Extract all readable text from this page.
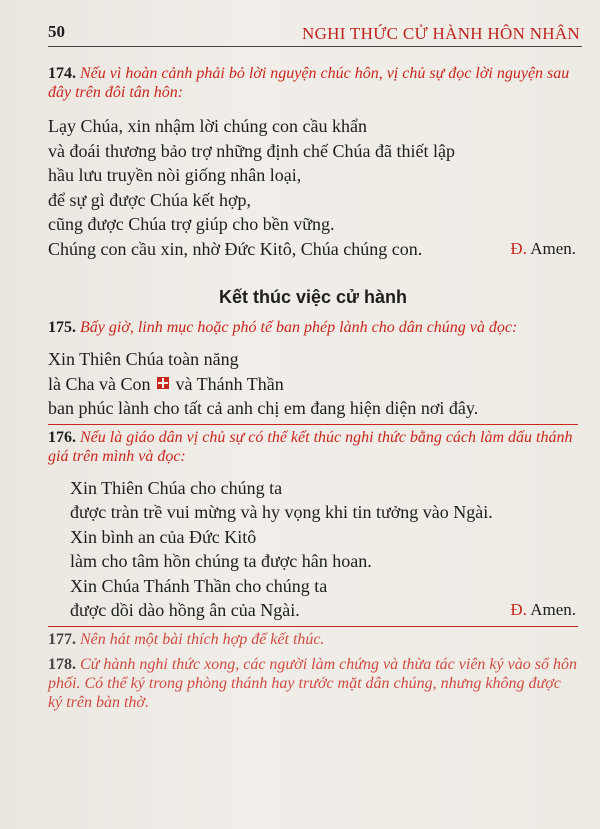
50	NGHI THỨC CỬ HÀNH HÔN NHÂN
174. Nếu vì hoàn cảnh phải bỏ lời nguyện chúc hôn, vị chủ sự đọc lời nguyện sau đây trên đôi tân hôn:
Lạy Chúa, xin nhậm lời chúng con cầu khẩn
và đoái thương bảo trợ những định chế Chúa đã thiết lập
hầu lưu truyền nòi giống nhân loại,
để sự gì được Chúa kết hợp,
cũng được Chúa trợ giúp cho bền vững.
Chúng con cầu xin, nhờ Đức Kitô, Chúa chúng con.	Đ. Amen.
Kết thúc việc cử hành
175. Bấy giờ, linh mục hoặc phó tế ban phép lành cho dân chúng và đọc:
Xin Thiên Chúa toàn năng
là Cha và Con và Thánh Thần
ban phúc lành cho tất cả anh chị em đang hiện diện nơi đây.
176. Nếu là giáo dân vị chủ sự có thể kết thúc nghi thức bằng cách làm dấu thánh giá trên mình và đọc:
Xin Thiên Chúa cho chúng ta
được tràn trề vui mừng và hy vọng khi tin tưởng vào Ngài.
Xin bình an của Đức Kitô
làm cho tâm hồn chúng ta được hân hoan.
Xin Chúa Thánh Thần cho chúng ta
được dồi dào hồng ân của Ngài.	Đ. Amen.
177. Nên hát một bài thích hợp để kết thúc.
178. Cử hành nghi thức xong, các người làm chứng và thừa tác viên ký vào sổ hôn phối. Có thể ký trong phòng thánh hay trước mặt dân chúng, nhưng không được ký trên bàn thờ.
